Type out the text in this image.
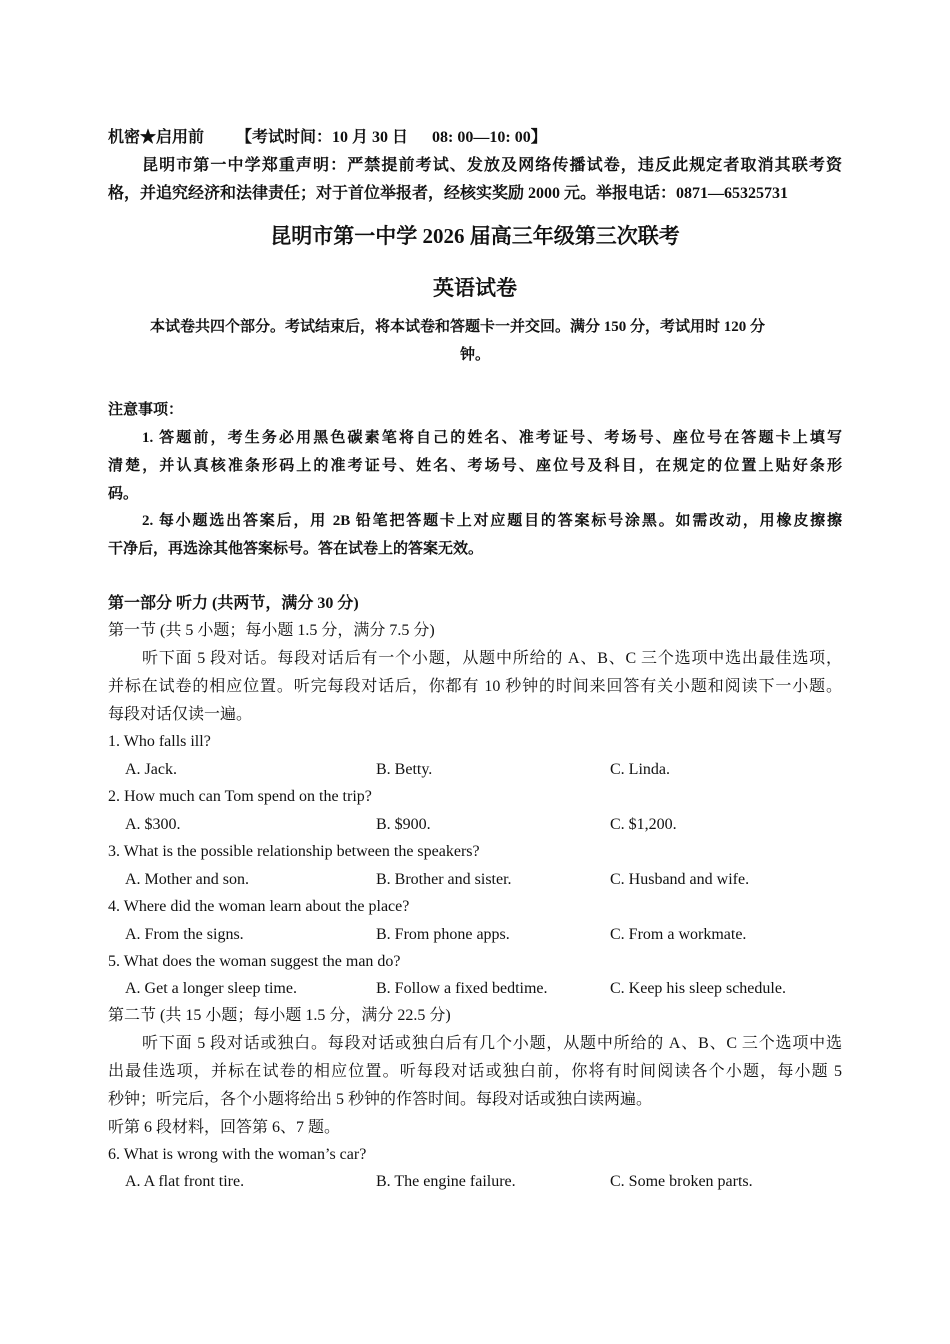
机密★启用前 【考试时间：10 月 30 日 08: 00—10: 00】
昆明市第一中学郑重声明：严禁提前考试、发放及网络传播试卷，违反此规定者取消其联考资
格，并追究经济和法律责任；对于首位举报者，经核实奖励 2000 元。举报电话：0871—65325731
昆明市第一中学 2026 届高三年级第三次联考
英语试卷
本试卷共四个部分。考试结束后，将本试卷和答题卡一并交回。满分 150 分，考试用时 120 分
钟。
注意事项：
1. 答题前，考生务必用黑色碳素笔将自己的姓名、准考证号、考场号、座位号在答题卡上填写
清楚，并认真核准条形码上的准考证号、姓名、考场号、座位号及科目，在规定的位置上贴好条形
码。
2. 每小题选出答案后，用 2B 铅笔把答题卡上对应题目的答案标号涂黑。如需改动，用橡皮擦擦
干净后，再选涂其他答案标号。答在试卷上的答案无效。
第一部分 听力 (共两节，满分 30 分)
第一节 (共 5 小题；每小题 1.5 分，满分 7.5 分)
听下面 5 段对话。每段对话后有一个小题，从题中所给的 A、B、C 三个选项中选出最佳选项，
并标在试卷的相应位置。听完每段对话后，你都有 10 秒钟的时间来回答有关小题和阅读下一小题。
每段对话仅读一遍。
1. Who falls ill?
A. Jack.	B. Betty.	C. Linda.
2. How much can Tom spend on the trip?
A. $300.	B. $900.	C. $1,200.
3. What is the possible relationship between the speakers?
A. Mother and son.	B. Brother and sister.	C. Husband and wife.
4. Where did the woman learn about the place?
A. From the signs.	B. From phone apps.	C. From a workmate.
5. What does the woman suggest the man do?
A. Get a longer sleep time.	B. Follow a fixed bedtime.	C. Keep his sleep schedule.
第二节 (共 15 小题；每小题 1.5 分，满分 22.5 分)
听下面 5 段对话或独白。每段对话或独白后有几个小题，从题中所给的 A、B、C 三个选项中选
出最佳选项，并标在试卷的相应位置。听每段对话或独白前，你将有时间阅读各个小题，每小题 5
秒钟；听完后，各个小题将给出 5 秒钟的作答时间。每段对话或独白读两遍。
听第 6 段材料，回答第 6、7 题。
6. What is wrong with the woman’s car?
A. A flat front tire.	B. The engine failure.	C. Some broken parts.
